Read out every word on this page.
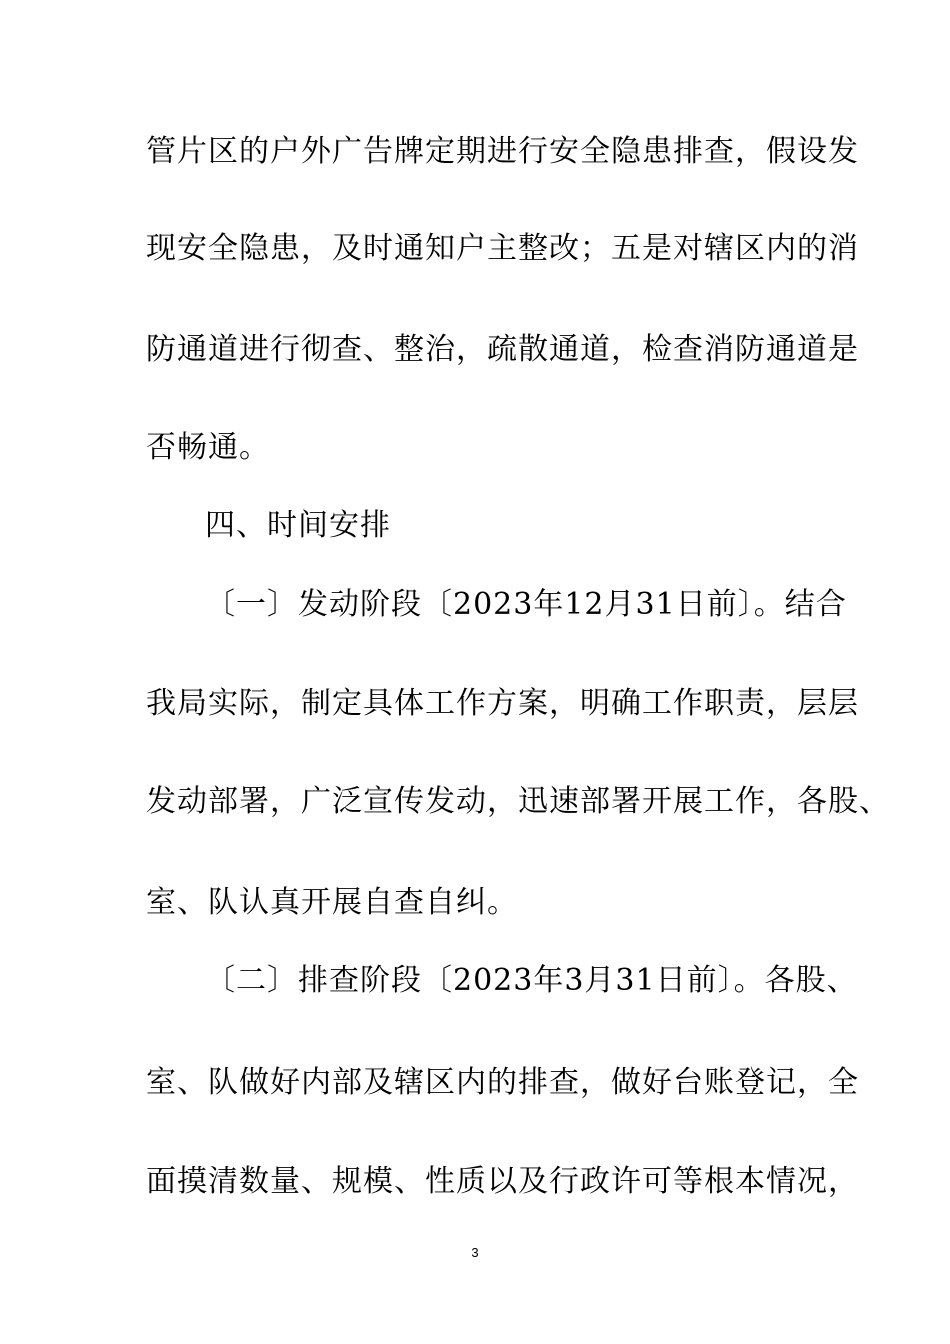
管片区的户外广告牌定期进行安全隐患排查，假设发
现安全隐患，及时通知户主整改；五是对辖区内的消
防通道进行彻查、整治，疏散通道，检查消防通道是
否畅通。
四、时间安排
〔一〕发动阶段〔2023年12月31日前〕。结合
我局实际，制定具体工作方案，明确工作职责，层层
发动部署，广泛宣传发动，迅速部署开展工作，各股、
室、队认真开展自查自纠。
〔二〕排查阶段〔2023年3月31日前〕。各股、
室、队做好内部及辖区内的排查，做好台账登记，全
面摸清数量、规模、性质以及行政许可等根本情况，
3
